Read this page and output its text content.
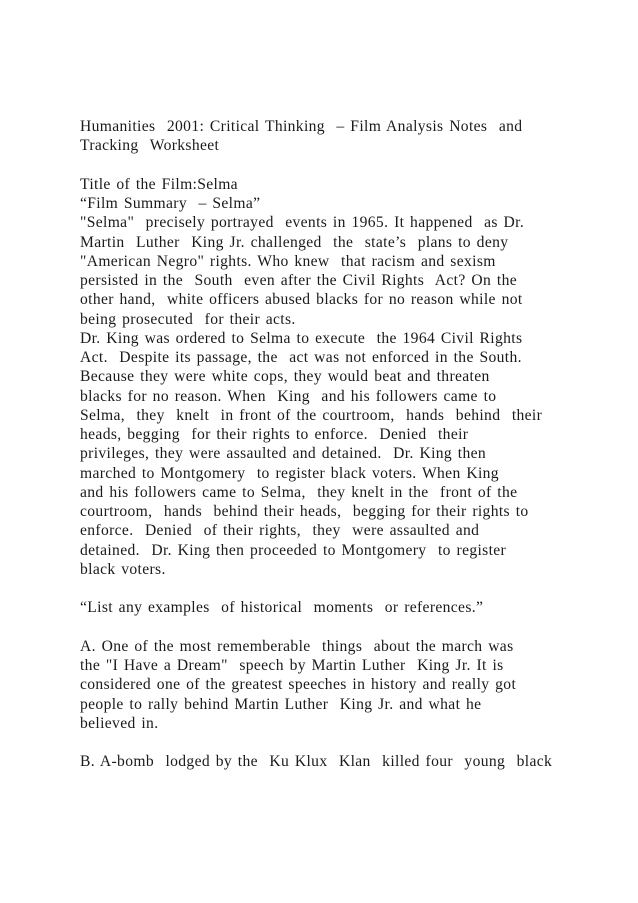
Humanities  2001: Critical Thinking  – Film Analysis Notes  and
Tracking  Worksheet
Title of the Film:Selma
“Film Summary  – Selma”
"Selma"  precisely portrayed  events in 1965. It happened  as Dr.
Martin  Luther  King Jr. challenged  the  state’s  plans to deny
"American Negro" rights. Who knew  that racism and sexism
persisted in the  South  even after the Civil Rights  Act? On the
other hand,  white officers abused blacks for no reason while not
being prosecuted  for their acts.
Dr. King was ordered to Selma to execute  the 1964 Civil Rights
Act.  Despite its passage, the  act was not enforced in the South.
Because they were white cops, they would beat and threaten
blacks for no reason. When  King  and his followers came to
Selma,  they  knelt  in front of the courtroom,  hands  behind  their
heads, begging  for their rights to enforce.  Denied  their
privileges, they were assaulted and detained.  Dr. King then
marched to Montgomery  to register black voters. When King
and his followers came to Selma,  they knelt in the  front of the
courtroom,  hands  behind their heads,  begging for their rights to
enforce.  Denied  of their rights,  they  were assaulted and
detained.  Dr. King then proceeded to Montgomery  to register
black voters.
“List any examples  of historical  moments  or references.”
A. One of the most rememberable  things  about the march was
the "I Have a Dream"  speech by Martin Luther  King Jr. It is
considered one of the greatest speeches in history and really got
people to rally behind Martin Luther  King Jr. and what he
believed in.
B. A-bomb  lodged by the  Ku Klux  Klan  killed four  young  black
